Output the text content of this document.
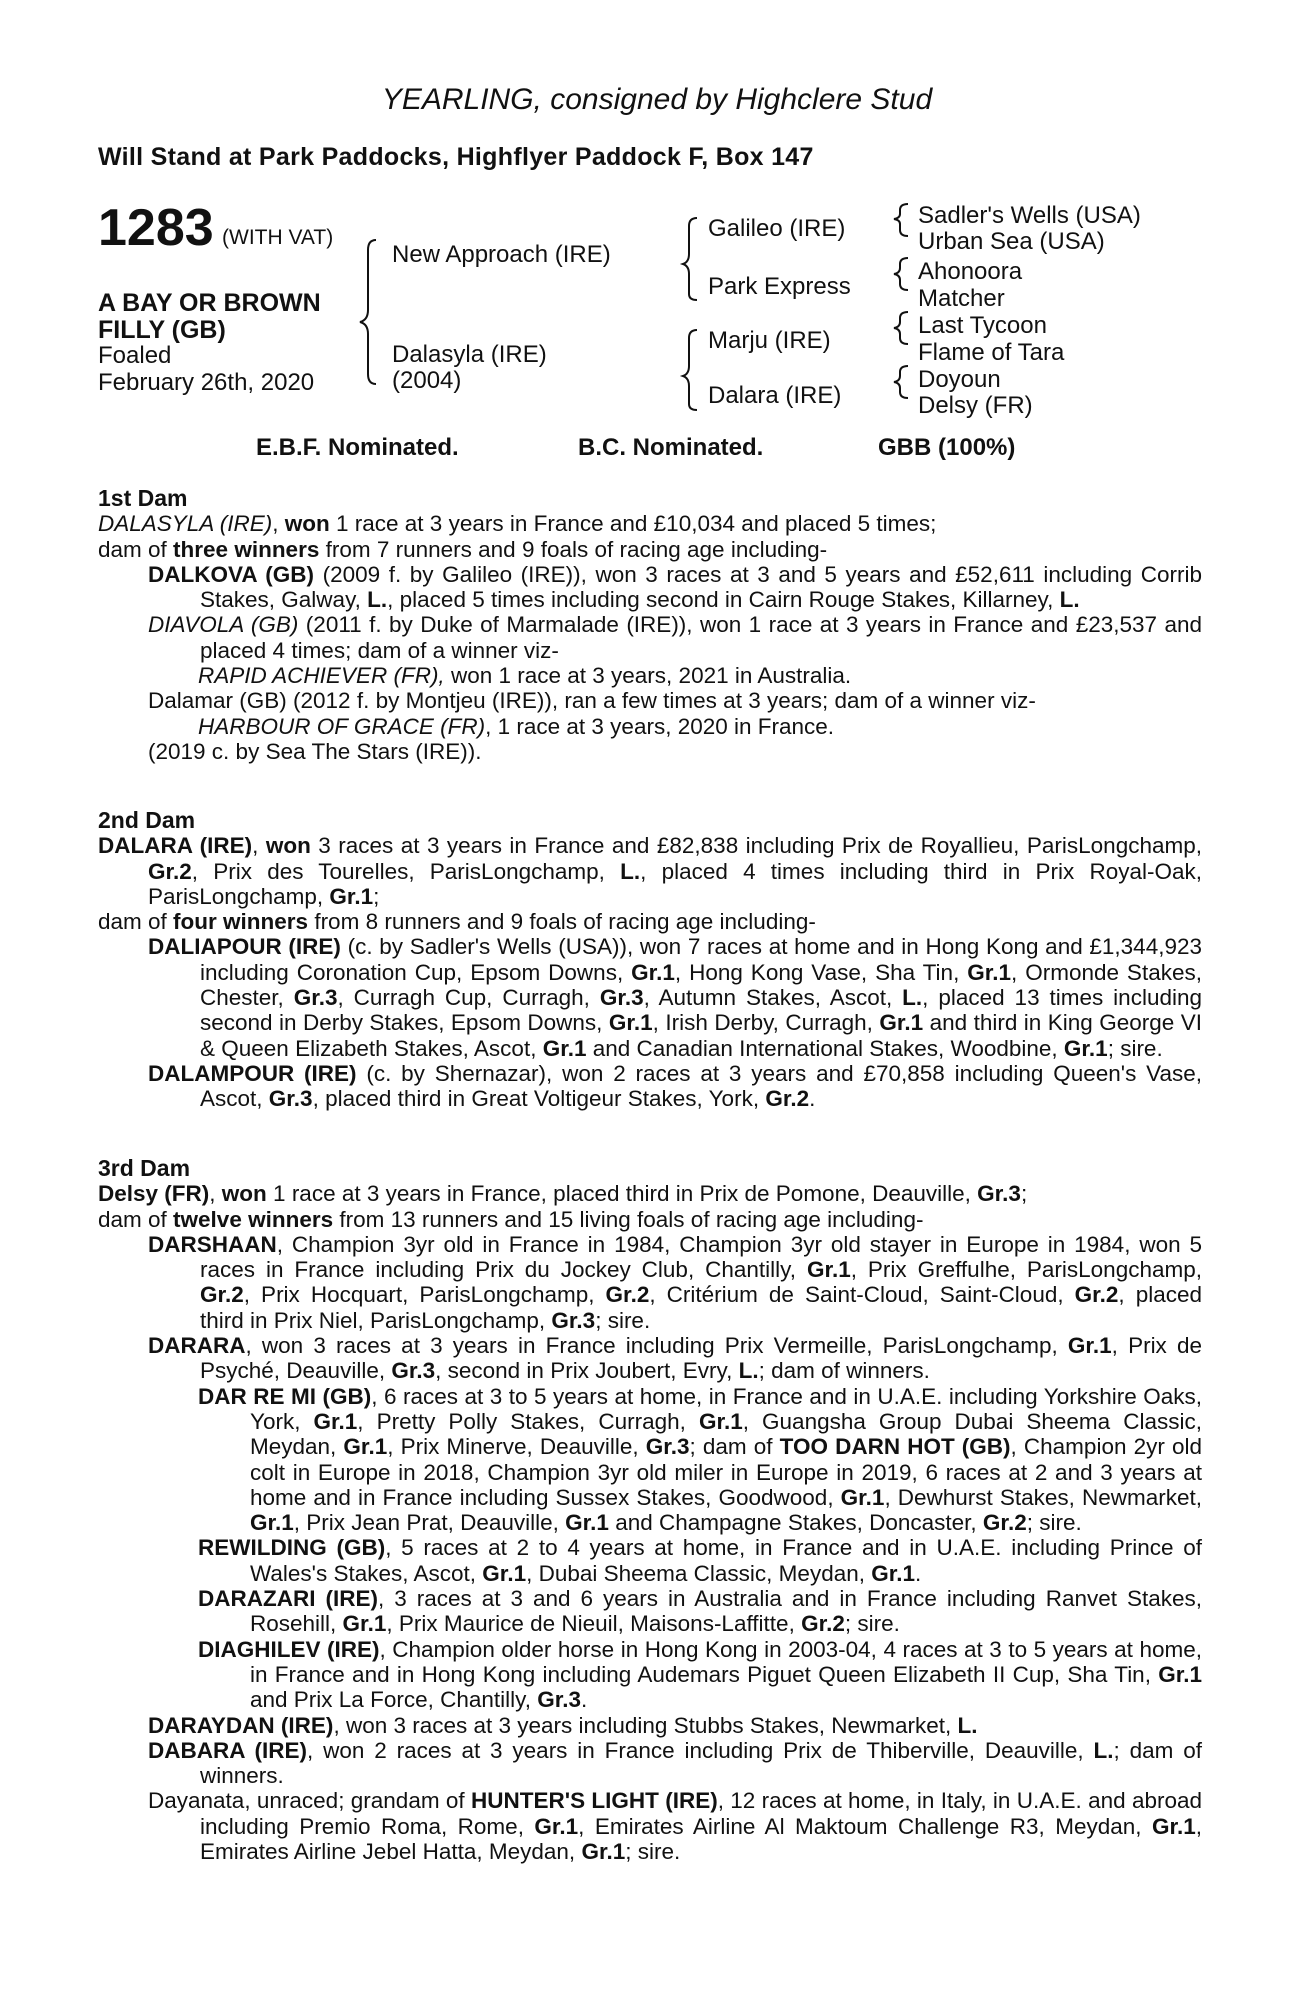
YEARLING, consigned by Highclere Stud
Will Stand at Park Paddocks, Highflyer Paddock F, Box 147
1283 (WITH VAT)
A BAY OR BROWN
FILLY (GB)
Foaled
February 26th, 2020
New Approach (IRE)
Dalasyla (IRE)
(2004)
Galileo (IRE)
Park Express
Marju (IRE)
Dalara (IRE)
Sadler's Wells (USA)
Urban Sea (USA)
Ahonoora
Matcher
Last Tycoon
Flame of Tara
Doyoun
Delsy (FR)
E.B.F. Nominated.	B.C. Nominated.	GBB (100%)
1st Dam

DALASYLA (IRE), won 1 race at 3 years in France and £10,034 and placed 5 times;

dam of three winners from 7 runners and 9 foals of racing age including-

DALKOVA (GB) (2009 f. by Galileo (IRE)), won 3 races at 3 and 5 years and £52,611 including Corrib Stakes, Galway, L., placed 5 times including second in Cairn Rouge Stakes, Killarney, L.

DIAVOLA (GB) (2011 f. by Duke of Marmalade (IRE)), won 1 race at 3 years in France and £23,537 and placed 4 times; dam of a winner viz-

RAPID ACHIEVER (FR), won 1 race at 3 years, 2021 in Australia.

Dalamar (GB) (2012 f. by Montjeu (IRE)), ran a few times at 3 years; dam of a winner viz-

HARBOUR OF GRACE (FR), 1 race at 3 years, 2020 in France.

(2019 c. by Sea The Stars (IRE)).

2nd Dam

DALARA (IRE), won 3 races at 3 years in France and £82,838 including Prix de Royallieu, ParisLongchamp, Gr.2, Prix des Tourelles, ParisLongchamp, L., placed 4 times including third in Prix Royal-Oak, ParisLongchamp, Gr.1;

dam of four winners from 8 runners and 9 foals of racing age including-

DALIAPOUR (IRE) (c. by Sadler's Wells (USA)), won 7 races at home and in Hong Kong and £1,344,923 including Coronation Cup, Epsom Downs, Gr.1, Hong Kong Vase, Sha Tin, Gr.1, Ormonde Stakes, Chester, Gr.3, Curragh Cup, Curragh, Gr.3, Autumn Stakes, Ascot, L., placed 13 times including second in Derby Stakes, Epsom Downs, Gr.1, Irish Derby, Curragh, Gr.1 and third in King George VI & Queen Elizabeth Stakes, Ascot, Gr.1 and Canadian International Stakes, Woodbine, Gr.1; sire.

DALAMPOUR (IRE) (c. by Shernazar), won 2 races at 3 years and £70,858 including Queen's Vase, Ascot, Gr.3, placed third in Great Voltigeur Stakes, York, Gr.2.

3rd Dam

Delsy (FR), won 1 race at 3 years in France, placed third in Prix de Pomone, Deauville, Gr.3;

dam of twelve winners from 13 runners and 15 living foals of racing age including-

DARSHAAN, Champion 3yr old in France in 1984, Champion 3yr old stayer in Europe in 1984, won 5 races in France including Prix du Jockey Club, Chantilly, Gr.1, Prix Greffulhe, ParisLongchamp, Gr.2, Prix Hocquart, ParisLongchamp, Gr.2, Critérium de Saint-Cloud, Saint-Cloud, Gr.2, placed third in Prix Niel, ParisLongchamp, Gr.3; sire.

DARARA, won 3 races at 3 years in France including Prix Vermeille, ParisLongchamp, Gr.1, Prix de Psyché, Deauville, Gr.3, second in Prix Joubert, Evry, L.; dam of winners.

DAR RE MI (GB), 6 races at 3 to 5 years at home, in France and in U.A.E. including Yorkshire Oaks, York, Gr.1, Pretty Polly Stakes, Curragh, Gr.1, Guangsha Group Dubai Sheema Classic, Meydan, Gr.1, Prix Minerve, Deauville, Gr.3; dam of TOO DARN HOT (GB), Champion 2yr old colt in Europe in 2018, Champion 3yr old miler in Europe in 2019, 6 races at 2 and 3 years at home and in France including Sussex Stakes, Goodwood, Gr.1, Dewhurst Stakes, Newmarket, Gr.1, Prix Jean Prat, Deauville, Gr.1 and Champagne Stakes, Doncaster, Gr.2; sire.

REWILDING (GB), 5 races at 2 to 4 years at home, in France and in U.A.E. including Prince of Wales's Stakes, Ascot, Gr.1, Dubai Sheema Classic, Meydan, Gr.1.

DARAZARI (IRE), 3 races at 3 and 6 years in Australia and in France including Ranvet Stakes, Rosehill, Gr.1, Prix Maurice de Nieuil, Maisons-Laffitte, Gr.2; sire.

DIAGHILEV (IRE), Champion older horse in Hong Kong in 2003-04, 4 races at 3 to 5 years at home, in France and in Hong Kong including Audemars Piguet Queen Elizabeth II Cup, Sha Tin, Gr.1 and Prix La Force, Chantilly, Gr.3.

DARAYDAN (IRE), won 3 races at 3 years including Stubbs Stakes, Newmarket, L.

DABARA (IRE), won 2 races at 3 years in France including Prix de Thiberville, Deauville, L.; dam of winners.

Dayanata, unraced; grandam of HUNTER'S LIGHT (IRE), 12 races at home, in Italy, in U.A.E. and abroad including Premio Roma, Rome, Gr.1, Emirates Airline Al Maktoum Challenge R3, Meydan, Gr.1, Emirates Airline Jebel Hatta, Meydan, Gr.1; sire.
